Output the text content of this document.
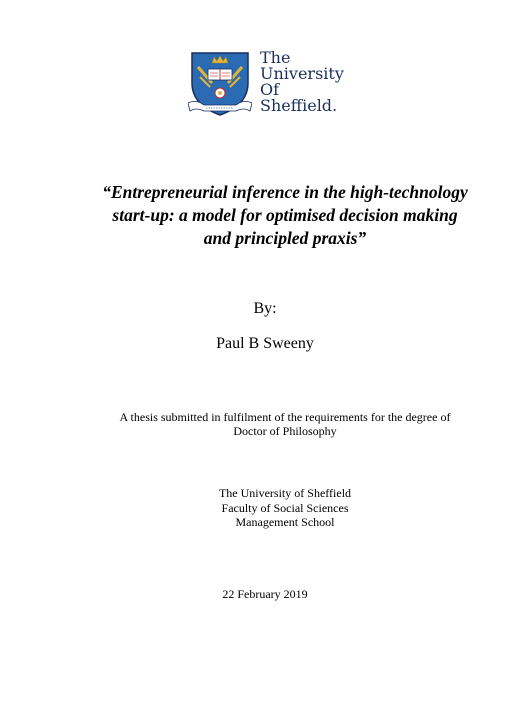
The
University
Of
Sheffield.
“Entrepreneurial inference in the high-technology
start-up: a model for optimised decision making
and principled praxis”
By:
Paul B Sweeny
A thesis submitted in fulfilment of the requirements for the degree of
Doctor of Philosophy
The University of Sheffield
Faculty of Social Sciences
Management School
22 February 2019
